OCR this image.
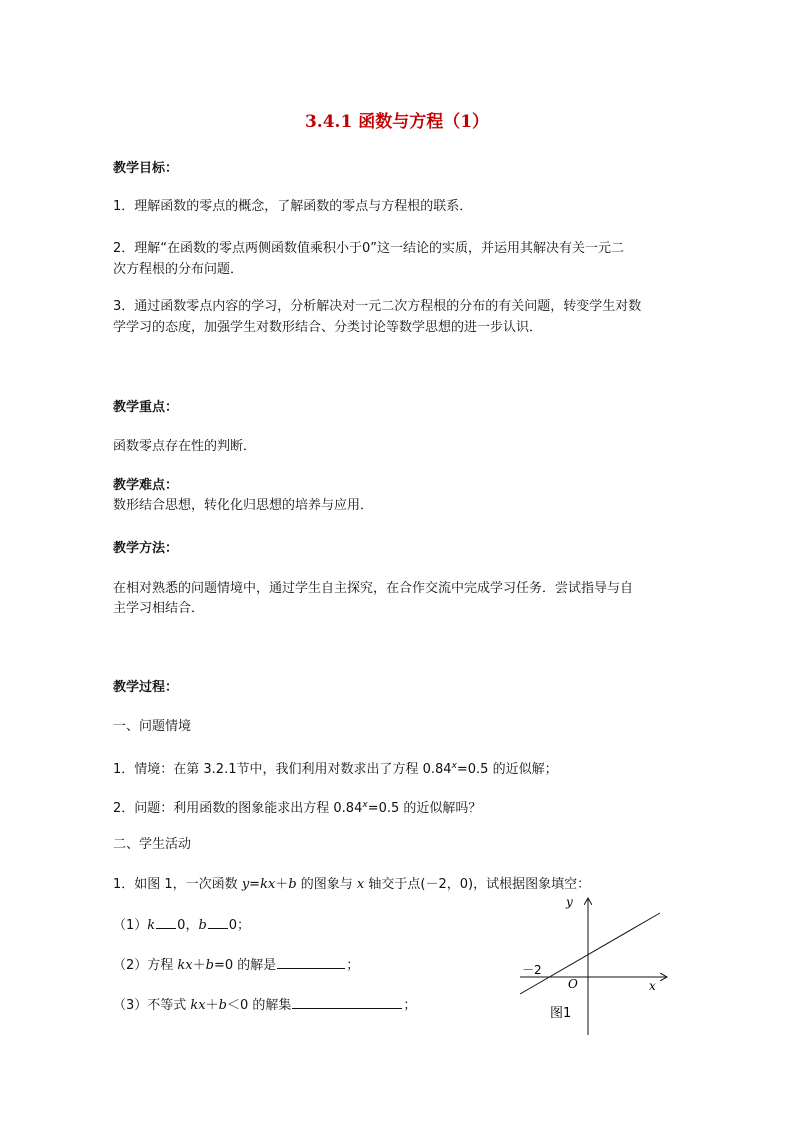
3.4.1 函数与方程（1）
教学目标：
1．理解函数的零点的概念，了解函数的零点与方程根的联系．
2．理解“在函数的零点两侧函数值乘积小于0”这一结论的实质，并运用其解决有关一元二
次方程根的分布问题．
3．通过函数零点内容的学习，分析解决对一元二次方程根的分布的有关问题，转变学生对数
学学习的态度，加强学生对数形结合、分类讨论等数学思想的进一步认识．
教学重点：
函数零点存在性的判断．
教学难点：
数形结合思想，转化化归思想的培养与应用．
教学方法：
在相对熟悉的问题情境中，通过学生自主探究，在合作交流中完成学习任务．尝试指导与自
主学习相结合．
教学过程：
一、问题情境
1．情境：在第 3.2.1节中，我们利用对数求出了方程 $0.84^x=0.5$ 的近似解；
2．问题：利用函数的图象能求出方程 $0.84^x=0.5$ 的近似解吗？
二、学生活动
1．如图 1，一次函数 y=kx＋b 的图象与 x 轴交于点(－2，0)，试根据图象填空：
（1）k 0，b 0；
（2）方程 kx＋b=0 的解是	；
（3）不等式 kx＋b＜0 的解集	；
y
x
O
－2
图1
